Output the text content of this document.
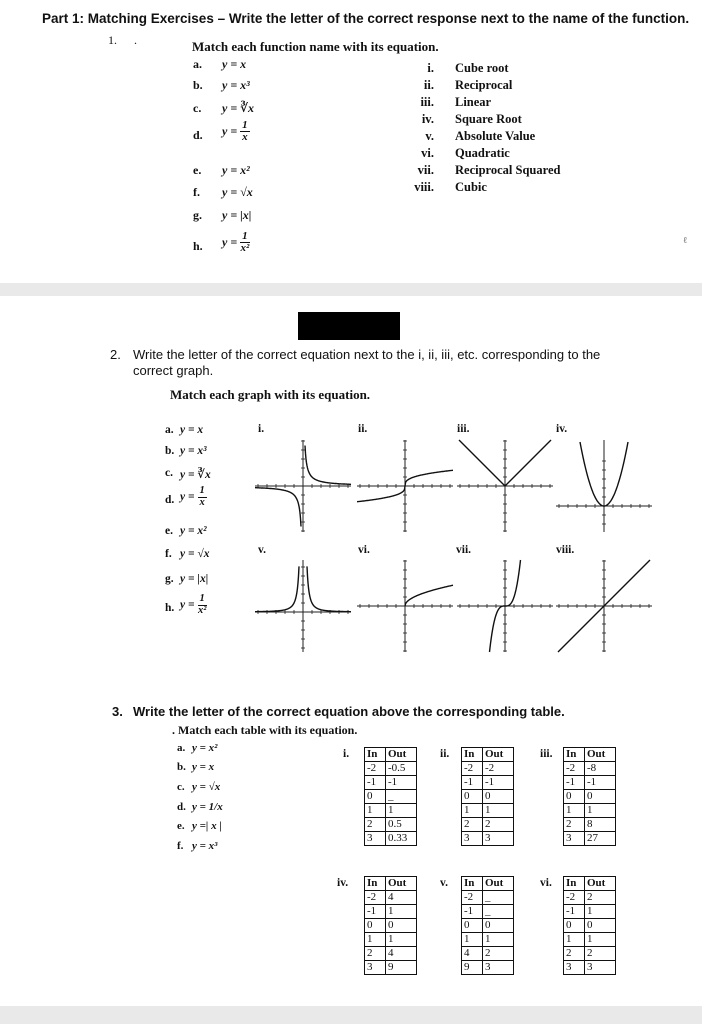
Part 1: Matching Exercises – Write the letter of the correct response next to the name of the function.
1. .	Match each function name with its equation.
a. y = x
b. y = x³
c. y = ∛x
d. $y = \frac{1}{x}$
e. y = x²
f. y = √x
g. y = |x|
h. $y = \frac{1}{\text{x²}}$
i. Cube root
ii. Reciprocal
iii. Linear
iv. Square Root
v. Absolute Value
vi. Quadratic
vii. Reciprocal Squared
viii. Cubic
ℓ
2. Write the letter of the correct equation next to the i, ii, iii, etc. corresponding to the
correct graph.
Match each graph with its equation.
a. y = x
b. y = x³
c. y = ∛x
d. $y = \frac{1}{x}$
e. y = x²
f. y = √x
g. y = |x|
h. $y = \frac{1}{\text{x²}}$
i.	ii.	iii.	iv.
v.	vi.	vii.	viii.
3. Write the letter of the correct equation above the corresponding table.
. Match each table with its equation.
a. y = x²
b. y = x
c. y = √x
d. y = 1/x
e. y =| x |
f. y = x³
i. In	Out
-2	-0.5
-1	-1
0	_
1	1
2	0.5
3	0.33
ii. In	Out
-2	-2
-1	-1
0	0
1	1
2	2
3	3
iii. In	Out
-2	-8
-1	-1
0	0
1	1
2	8
3	27
iv. In	Out
-2	4
-1	1
0	0
1	1
2	4
3	9
v. In	Out
-2	_
-1	_
0	0
1	1
4	2
9	3
vi. In	Out
-2	2
-1	1
0	0
1	1
2	2
3	3
